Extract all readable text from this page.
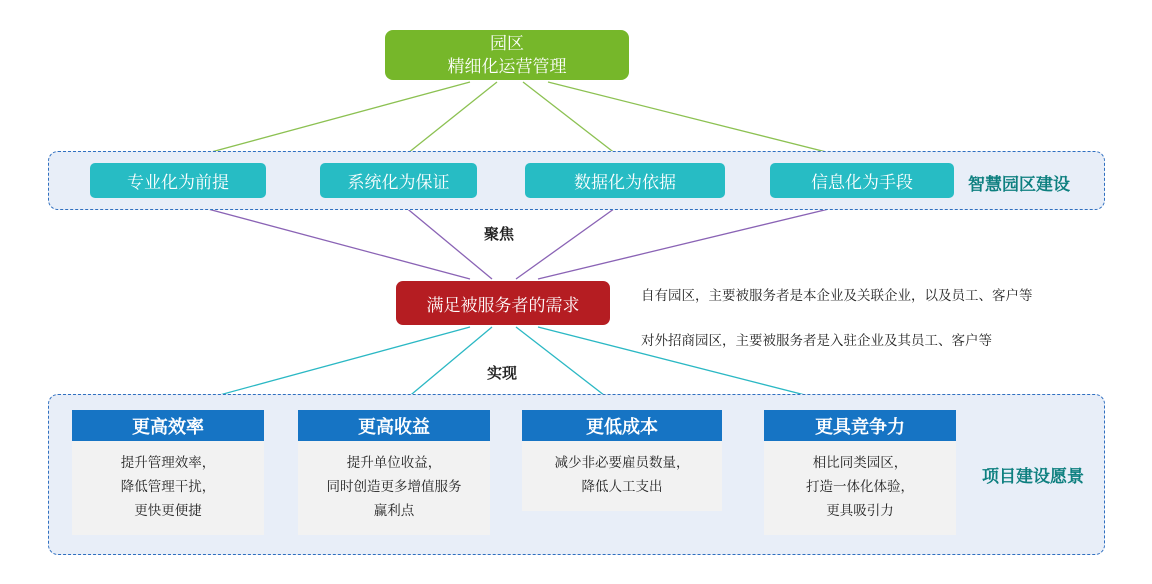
园区
精细化运营管理
专业化为前提	系统化为保证	数据化为依据	信息化为手段	智慧园区建设
聚焦
满足被服务者的需求	自有园区，主要被服务者是本企业及关联企业，以及员工、客户等
对外招商园区，主要被服务者是入驻企业及其员工、客户等
实现
更高效率
提升管理效率，
降低管理干扰，
更快更便捷
更高收益
提升单位收益，
同时创造更多增值服务
赢利点
更低成本
减少非必要雇员数量，
降低人工支出
更具竞争力
相比同类园区，
打造一体化体验，
更具吸引力
项目建设愿景
